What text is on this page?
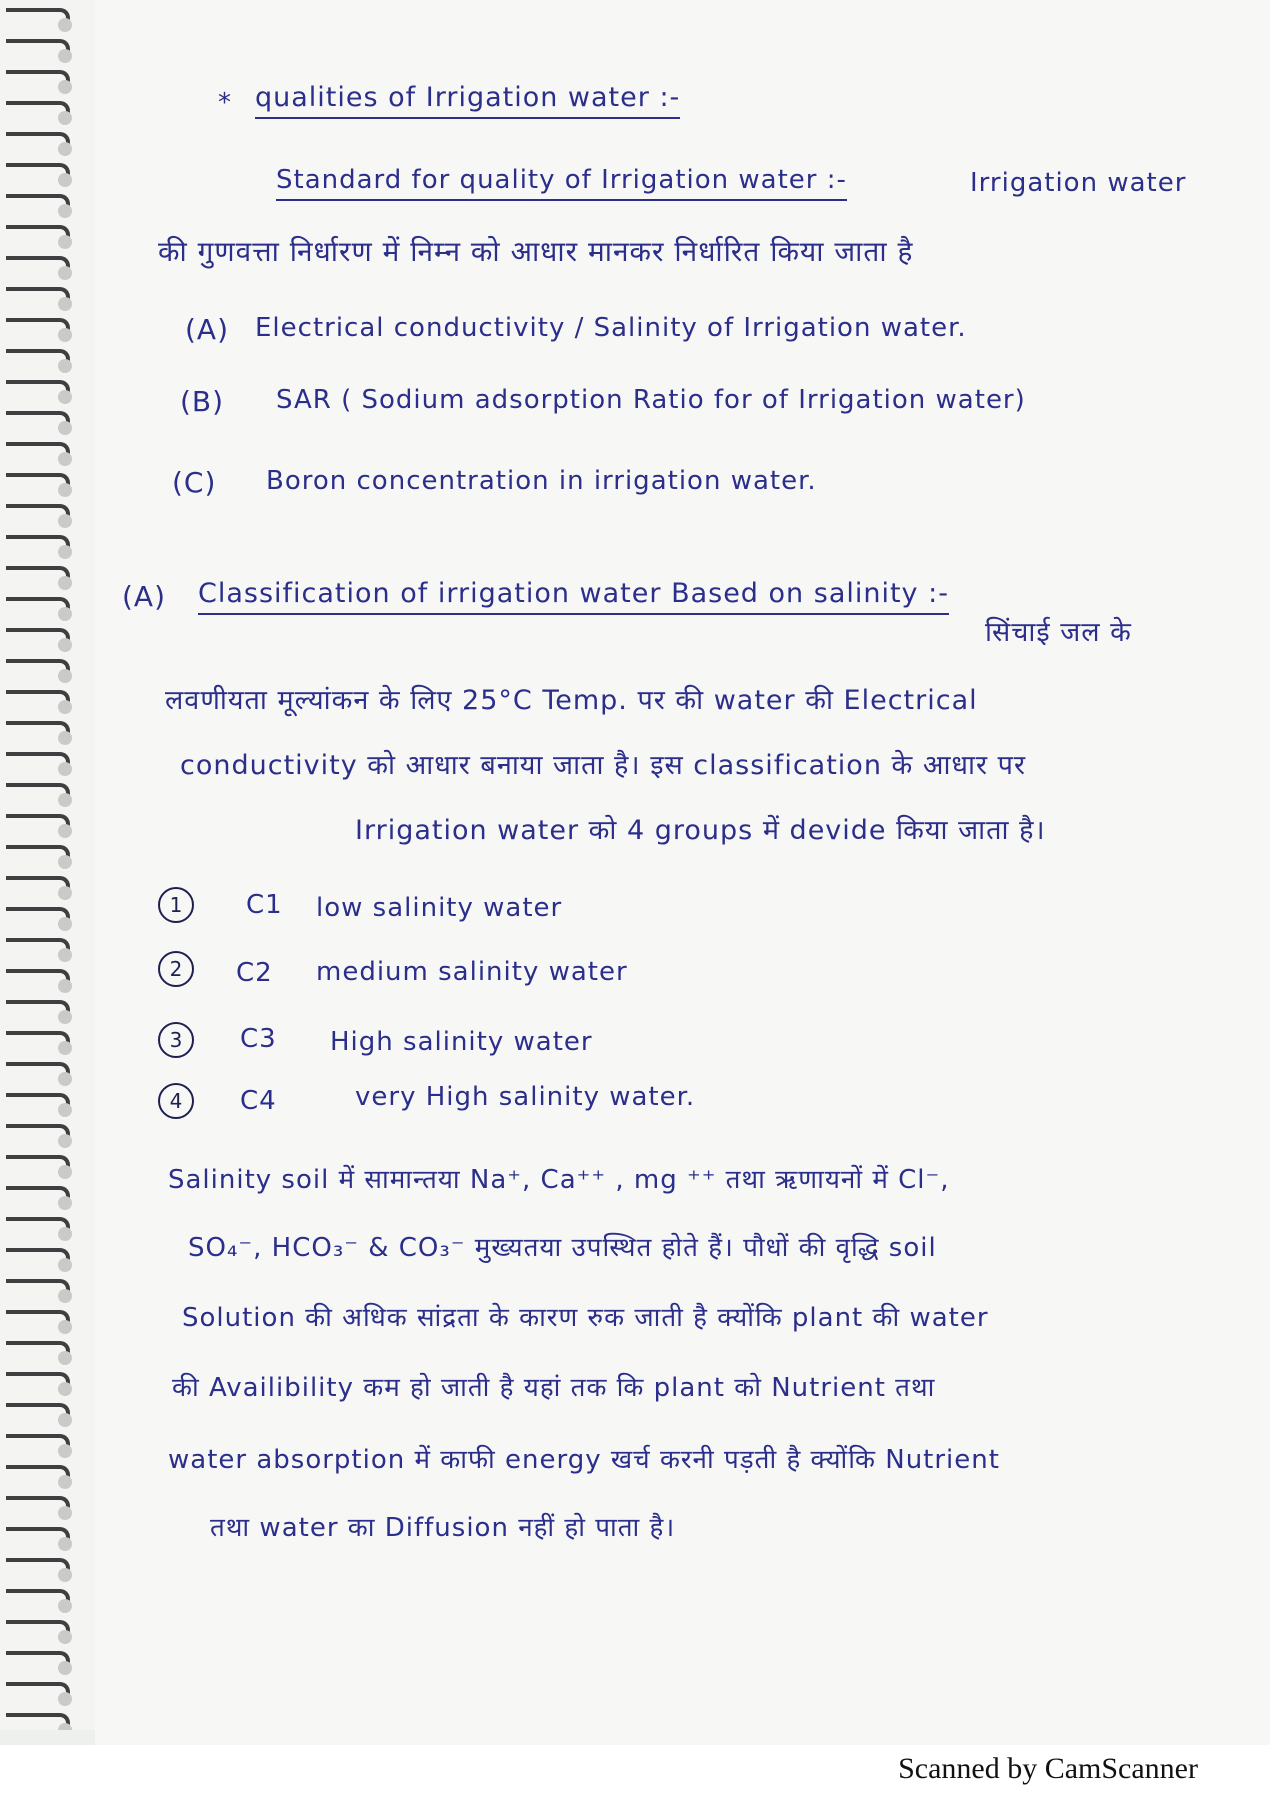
* qualities of Irrigation water :-
Standard for quality of Irrigation water :-	Irrigation water
की गुणवत्ता निर्धारण में निम्न को आधार मानकर निर्धारित किया जाता है
(A) Electrical conductivity / Salinity of Irrigation water.
(B) SAR ( Sodium adsorption Ratio for of Irrigation water)
(C) Boron concentration in irrigation water.
(A) Classification of irrigation water Based on salinity :-
सिंचाई जल के
लवणीयता मूल्यांकन के लिए 25°C Temp. पर की water की Electrical
conductivity को आधार बनाया जाता है। इस classification के आधार पर
Irrigation water को 4 groups में devide किया जाता है।
1	C1 low salinity water
2	C2 medium salinity water
3	C3 High salinity water
4	C4	very High salinity water.
Salinity soil में सामान्तया Na⁺, Ca⁺⁺ , mg ⁺⁺ तथा ऋणायनों में Cl⁻,
SO₄⁻, HCO₃⁻ & CO₃⁻ मुख्यतया उपस्थित होते हैं। पौधों की वृद्धि soil
Solution की अधिक सांद्रता के कारण रुक जाती है क्योंकि plant की water
की Availibility कम हो जाती है यहां तक कि plant को Nutrient तथा
water absorption में काफी energy खर्च करनी पड़ती है क्योंकि Nutrient
तथा water का Diffusion नहीं हो पाता है।
Scanned by CamScanner
